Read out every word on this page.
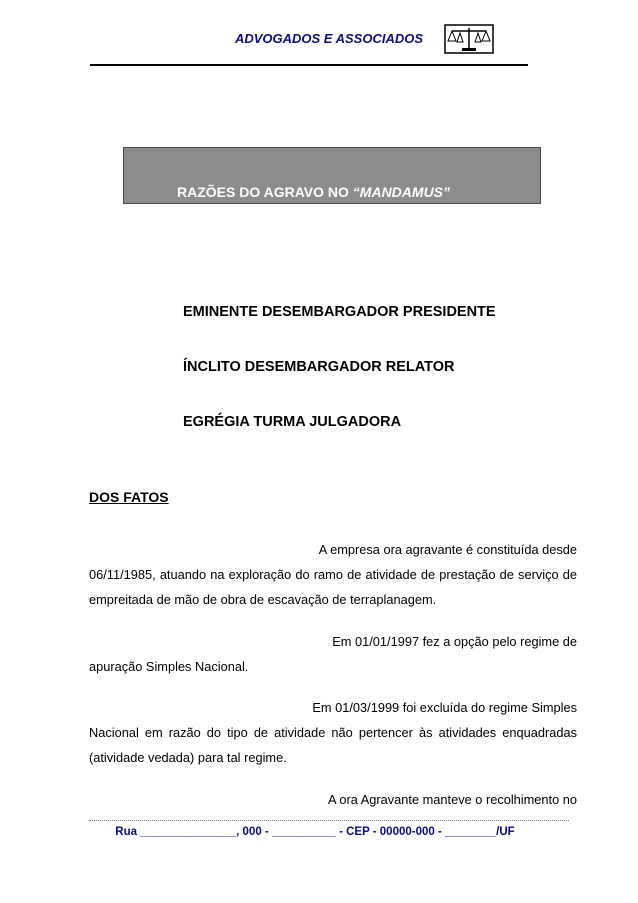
ADVOGADOS E ASSOCIADOS
RAZÕES DO AGRAVO NO “MANDAMUS”
EMINENTE DESEMBARGADOR PRESIDENTE
ÍNCLITO DESEMBARGADOR RELATOR
EGRÉGIA TURMA JULGADORA
DOS FATOS
A empresa ora agravante é constituída desde
06/11/1985, atuando na exploração do ramo de atividade de prestação de serviço de
empreitada de mão de obra de escavação de terraplanagem.
Em 01/01/1997 fez a opção pelo regime de
apuração Simples Nacional.
Em 01/03/1999 foi excluída do regime Simples
Nacional em razão do tipo de atividade não pertencer às atividades enquadradas
(atividade vedada) para tal regime.
A ora Agravante manteve o recolhimento no
Rua _______________, 000 - __________ - CEP - 00000-000 - ________/UF
